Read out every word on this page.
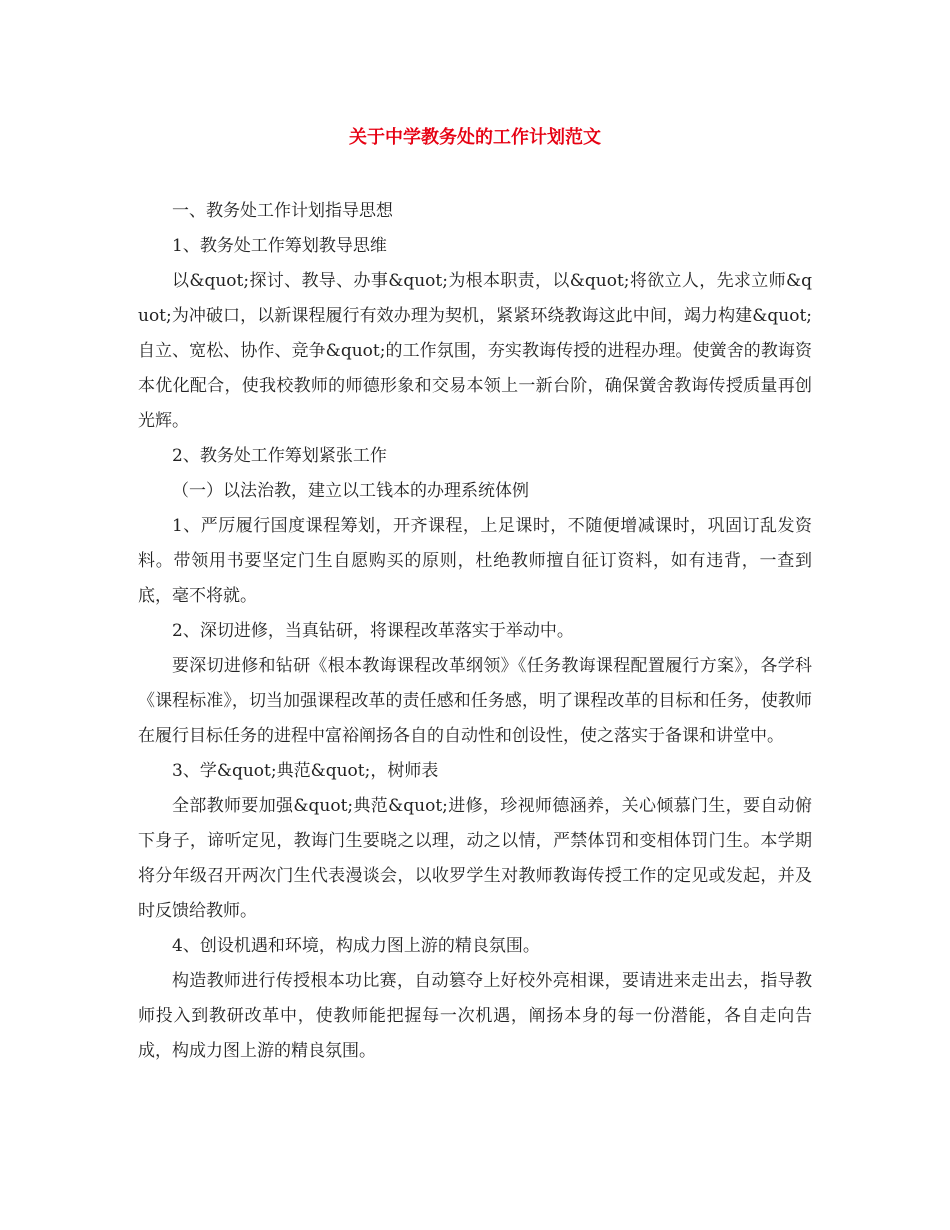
关于中学教务处的工作计划范文

一、教务处工作计划指导思想

1、教务处工作筹划教导思维

以&quot;探讨、教导、办事&quot;为根本职责，以&quot;将欲立人，先求立师&quot;为冲破口，以新课程履行有效办理为契机，紧紧环绕教诲这此中间，竭力构建&quot;自立、宽松、协作、竞争&quot;的工作氛围，夯实教诲传授的进程办理。使黉舍的教诲资本优化配合，使我校教师的师德形象和交易本领上一新台阶，确保黉舍教诲传授质量再创光辉。

2、教务处工作筹划紧张工作

（一）以法治教，建立以工钱本的办理系统体例

1、严厉履行国度课程筹划，开齐课程，上足课时，不随便增减课时，巩固订乱发资料。带领用书要坚定门生自愿购买的原则，杜绝教师擅自征订资料，如有违背，一查到底，毫不将就。

2、深切进修，当真钻研，将课程改革落实于举动中。

要深切进修和钻研《根本教诲课程改革纲领》《任务教诲课程配置履行方案》，各学科《课程标准》，切当加强课程改革的责任感和任务感，明了课程改革的目标和任务，使教师在履行目标任务的进程中富裕阐扬各自的自动性和创设性，使之落实于备课和讲堂中。

3、学&quot;典范&quot;，树师表

全部教师要加强&quot;典范&quot;进修，珍视师德涵养，关心倾慕门生，要自动俯下身子，谛听定见，教诲门生要晓之以理，动之以情，严禁体罚和变相体罚门生。本学期将分年级召开两次门生代表漫谈会，以收罗学生对教师教诲传授工作的定见或发起，并及时反馈给教师。

4、创设机遇和环境，构成力图上游的精良氛围。

构造教师进行传授根本功比赛，自动篡夺上好校外亮相课，要请进来走出去，指导教师投入到教研改革中，使教师能把握每一次机遇，阐扬本身的每一份潜能，各自走向告成，构成力图上游的精良氛围。
